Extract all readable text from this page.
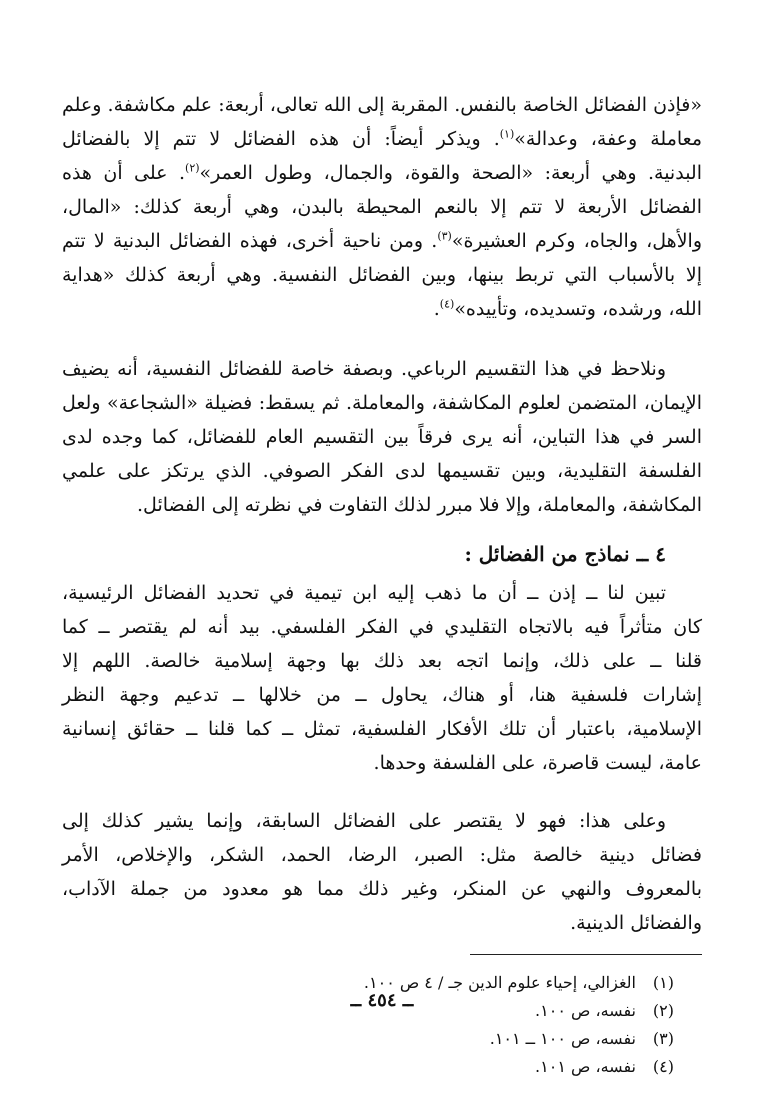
«فإذن الفضائل الخاصة بالنفس. المقربة إلى الله تعالى، أربعة: علم مكاشفة. وعلم
معاملة وعفة، وعدالة»$^{(١)}$. ويذكر أيضاً: أن هذه الفضائل لا تتم إلا بالفضائل
البدنية. وهي أربعة: «الصحة والقوة، والجمال، وطول العمر»$^{(٢)}$. على أن هذه
الفضائل الأربعة لا تتم إلا بالنعم المحيطة بالبدن، وهي أربعة كذلك: «المال،
والأهل، والجاه، وكرم العشيرة»$^{(٣)}$. ومن ناحية أخرى، فهذه الفضائل البدنية لا تتم
إلا بالأسباب التي تربط بينها، وبين الفضائل النفسية. وهي أربعة كذلك «هداية
الله، ورشده، وتسديده، وتأييده»$^{(٤)}$.

ونلاحظ في هذا التقسيم الرباعي. وبصفة خاصة للفضائل النفسية، أنه يضيف
الإيمان، المتضمن لعلوم المكاشفة، والمعاملة. ثم يسقط: فضيلة «الشجاعة» ولعل
السر في هذا التباين، أنه يرى فرقاً بين التقسيم العام للفضائل، كما وجده لدى
الفلسفة التقليدية، وبين تقسيمها لدى الفكر الصوفي. الذي يرتكز على علمي
المكاشفة، والمعاملة، وإلا فلا مبرر لذلك التفاوت في نظرته إلى الفضائل.

٤ ــ نماذج من الفضائل :

تبين لنا ــ إذن ــ أن ما ذهب إليه ابن تيمية في تحديد الفضائل الرئيسية،
كان متأثراً فيه بالاتجاه التقليدي في الفكر الفلسفي. بيد أنه لم يقتصر ــ كما
قلنا ــ على ذلك، وإنما اتجه بعد ذلك بها وجهة إسلامية خالصة. اللهم إلا
إشارات فلسفية هنا، أو هناك، يحاول ــ من خلالها ــ تدعيم وجهة النظر
الإسلامية، باعتبار أن تلك الأفكار الفلسفية، تمثل ــ كما قلنا ــ حقائق إنسانية
عامة، ليست قاصرة، على الفلسفة وحدها.

وعلى هذا: فهو لا يقتصر على الفضائل السابقة، وإنما يشير كذلك إلى
فضائل دينية خالصة مثل: الصبر، الرضا، الحمد، الشكر، والإخلاص، الأمر
بالمعروف والنهي عن المنكر، وغير ذلك مما هو معدود من جملة الآداب،
والفضائل الدينية.

(١)
الغزالي، إحياء علوم الدين جـ / ٤ ص ١٠٠.
(٢)
نفسه، ص ١٠٠.
(٣)
نفسه، ص ١٠٠ ــ ١٠١.
(٤)
نفسه، ص ١٠١.
ــ ٤٥٤ ــ
